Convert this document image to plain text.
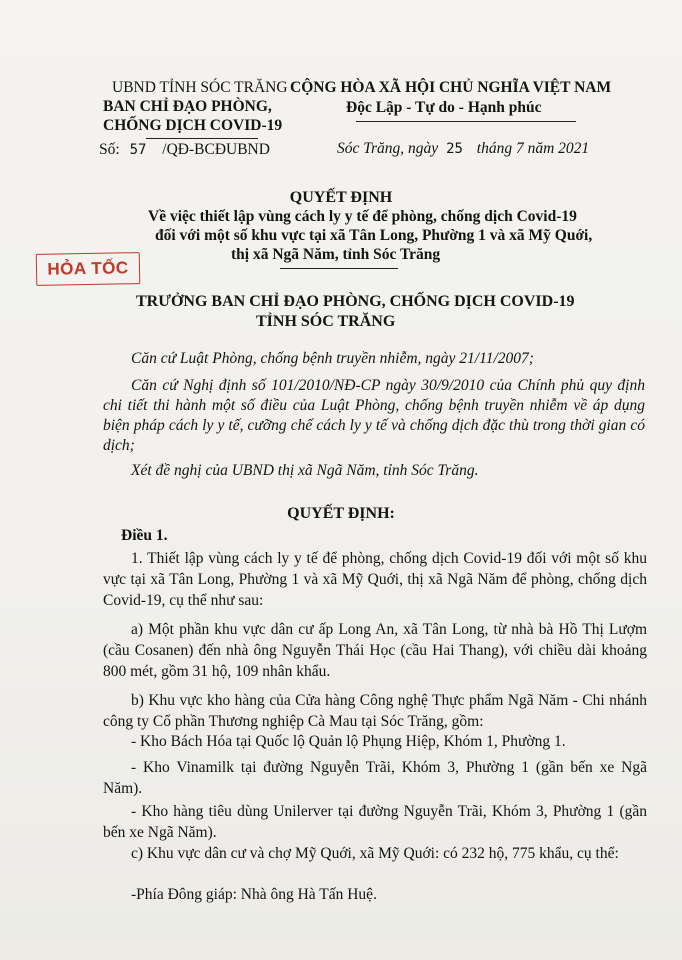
UBND TỈNH SÓC TRĂNG
BAN CHỈ ĐẠO PHÒNG,
CHỐNG DỊCH COVID-19
Số: 57 /QĐ-BCĐUBND
CỘNG HÒA XÃ HỘI CHỦ NGHĨA VIỆT NAM
Độc Lập - Tự do - Hạnh phúc
Sóc Trăng, ngày 25 tháng 7 năm 2021
QUYẾT ĐỊNH
Về việc thiết lập vùng cách ly y tế để phòng, chống dịch Covid-19
đối với một số khu vực tại xã Tân Long, Phường 1 và xã Mỹ Quới,
thị xã Ngã Năm, tỉnh Sóc Trăng
HỎA TỐC
TRƯỞNG BAN CHỈ ĐẠO PHÒNG, CHỐNG DỊCH COVID-19
TỈNH SÓC TRĂNG
Căn cứ Luật Phòng, chống bệnh truyền nhiễm, ngày 21/11/2007;
Căn cứ Nghị định số 101/2010/NĐ-CP ngày 30/9/2010 của Chính phủ quy định chi tiết thi hành một số điều của Luật Phòng, chống bệnh truyền nhiễm về áp dụng biện pháp cách ly y tế, cưỡng chế cách ly y tế và chống dịch đặc thù trong thời gian có dịch;
Xét đề nghị của UBND thị xã Ngã Năm, tỉnh Sóc Trăng.
QUYẾT ĐỊNH:
Điều 1.
1. Thiết lập vùng cách ly y tế để phòng, chống dịch Covid-19 đối với một số khu vực tại xã Tân Long, Phường 1 và xã Mỹ Quới, thị xã Ngã Năm để phòng, chống dịch Covid-19, cụ thể như sau:
a) Một phần khu vực dân cư ấp Long An, xã Tân Long, từ nhà bà Hồ Thị Lượm (cầu Cosanen) đến nhà ông Nguyễn Thái Học (cầu Hai Thang), với chiều dài khoảng 800 mét, gồm 31 hộ, 109 nhân khẩu.
b) Khu vực kho hàng của Cửa hàng Công nghệ Thực phẩm Ngã Năm - Chi nhánh công ty Cổ phần Thương nghiệp Cà Mau tại Sóc Trăng, gồm:
- Kho Bách Hóa tại Quốc lộ Quản lộ Phụng Hiệp, Khóm 1, Phường 1.
- Kho Vinamilk tại đường Nguyễn Trãi, Khóm 3, Phường 1 (gần bến xe Ngã Năm).
- Kho hàng tiêu dùng Unilerver tại đường Nguyễn Trãi, Khóm 3, Phường 1 (gần bến xe Ngã Năm).
c) Khu vực dân cư và chợ Mỹ Quới, xã Mỹ Quới: có 232 hộ, 775 khẩu, cụ thể:
-Phía Đông giáp: Nhà ông Hà Tấn Huệ.
